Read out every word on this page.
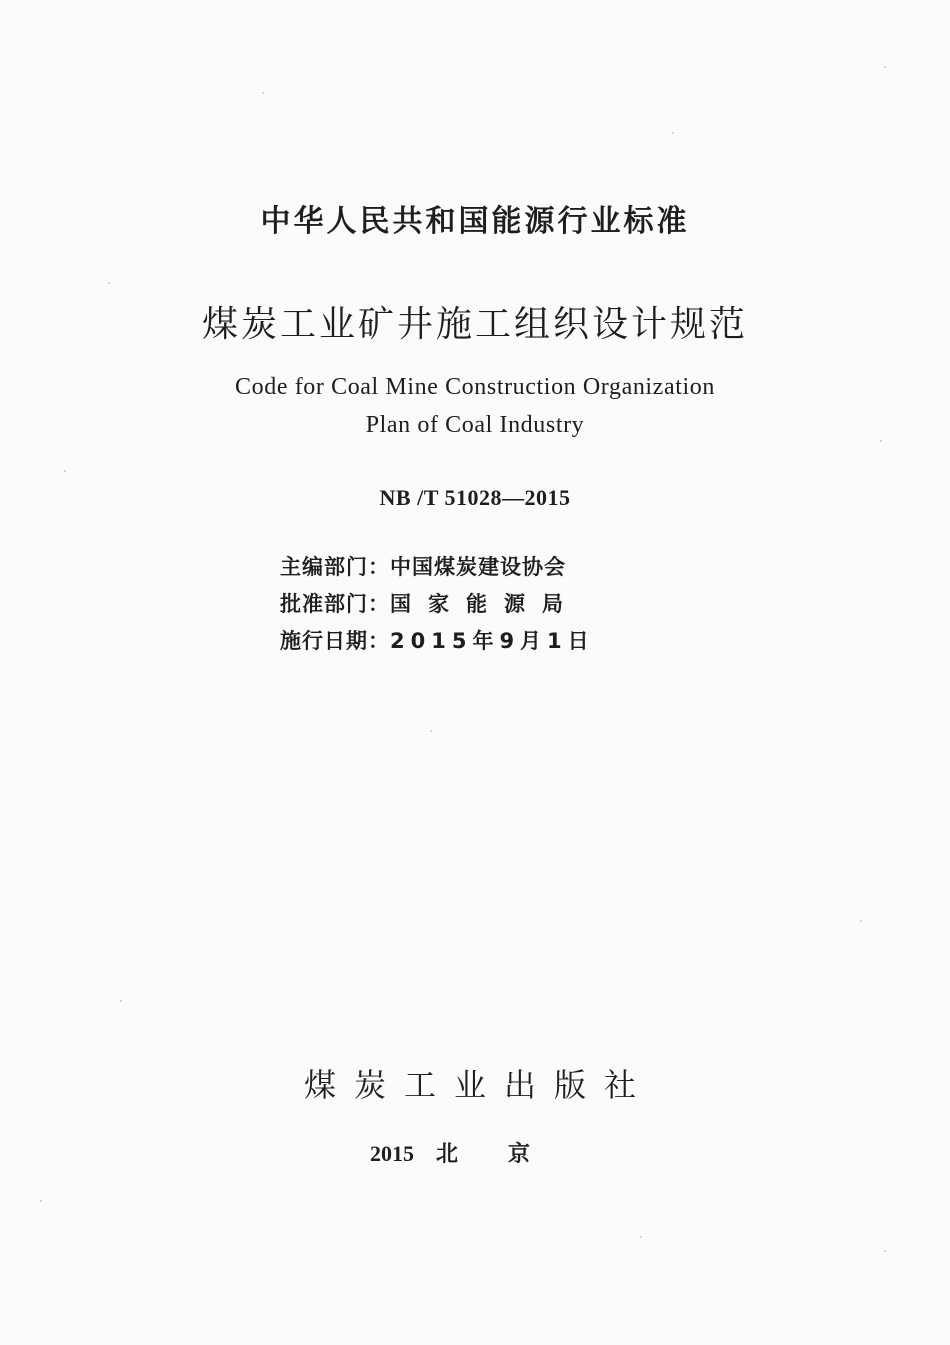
中华人民共和国能源行业标准
煤炭工业矿井施工组织设计规范
Code for Coal Mine Construction Organization
Plan of Coal Industry
NB /T 51028—2015
主编部门：中国煤炭建设协会
批准部门：国家能源局
施行日期：2015年9月1日
煤炭工业出版社
2015 北京
